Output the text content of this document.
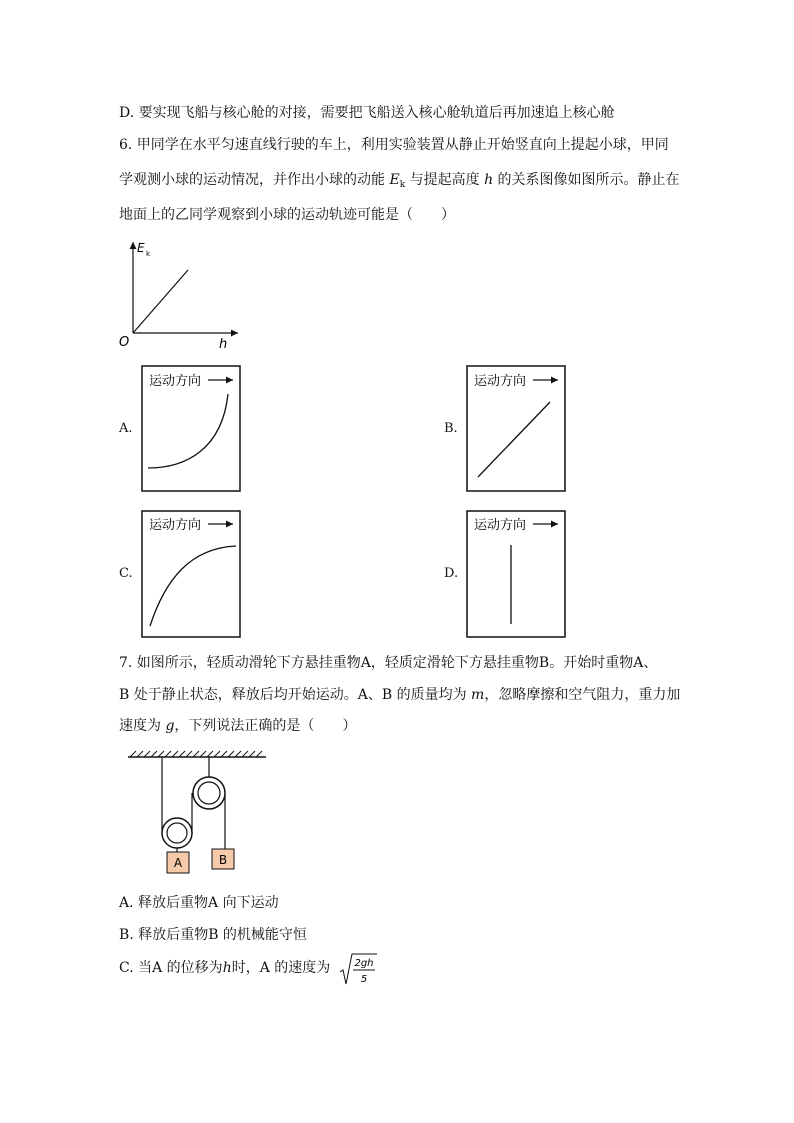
D. 要实现飞船与核心舱的对接，需要把飞船送入核心舱轨道后再加速追上核心舱
6. 甲同学在水平匀速直线行驶的车上，利用实验装置从静止开始竖直向上提起小球，甲同
学观测小球的运动情况，并作出小球的动能 $E_k$ 与提起高度 h 的关系图像如图所示。静止在
地面上的乙同学观察到小球的运动轨迹可能是（　　）
E k
O	h
运动方向	运动方向
运动方向	运动方向
A.	B.
C.	D.
7. 如图所示，轻质动滑轮下方悬挂重物A，轻质定滑轮下方悬挂重物B。开始时重物A、
B 处于静止状态，释放后均开始运动。A、B 的质量均为 m，忽略摩擦和空气阻力，重力加
速度为 g，下列说法正确的是（　　）
A	B
A. 释放后重物A 向下运动
B. 释放后重物B 的机械能守恒
C. 当A 的位移为h时，A 的速度为 2gh
5
